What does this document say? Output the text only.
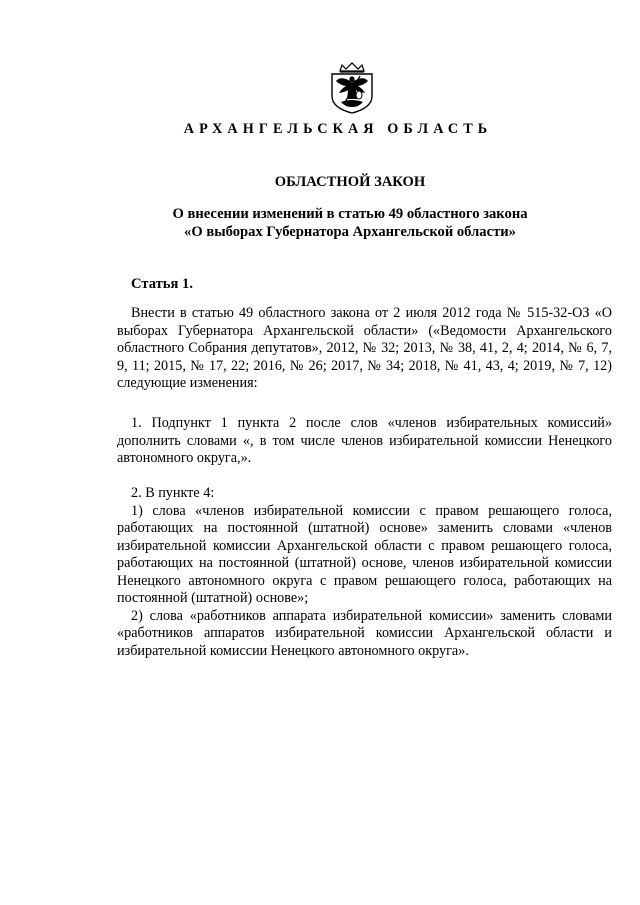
АРХАНГЕЛЬСКАЯ ОБЛАСТЬ
ОБЛАСТНОЙ ЗАКОН
О внесении изменений в статью 49 областного закона
«О выборах Губернатора Архангельской области»
Статья 1.

Внести в статью 49 областного закона от 2 июля 2012 года № 515-32-ОЗ «О выборах Губернатора Архангельской области» («Ведомости Архангельского областного Собрания депутатов», 2012, № 32; 2013, № 38, 41, 2, 4; 2014, № 6, 7, 9, 11; 2015, № 17, 22; 2016, № 26; 2017, № 34; 2018, № 41, 43, 4; 2019, № 7, 12) следующие изменения:

1. Подпункт 1 пункта 2 после слов «членов избирательных комиссий» дополнить словами «, в том числе членов избирательной комиссии Ненецкого автономного округа,».

2. В пункте 4:

1) слова «членов избирательной комиссии с правом решающего голоса, работающих на постоянной (штатной) основе» заменить словами «членов избирательной комиссии Архангельской области с правом решающего голоса, работающих на постоянной (штатной) основе, членов избирательной комиссии Ненецкого автономного округа с правом решающего голоса, работающих на постоянной (штатной) основе»;

2) слова «работников аппарата избирательной комиссии» заменить словами «работников аппаратов избирательной комиссии Архангельской области и избирательной комиссии Ненецкого автономного округа».
